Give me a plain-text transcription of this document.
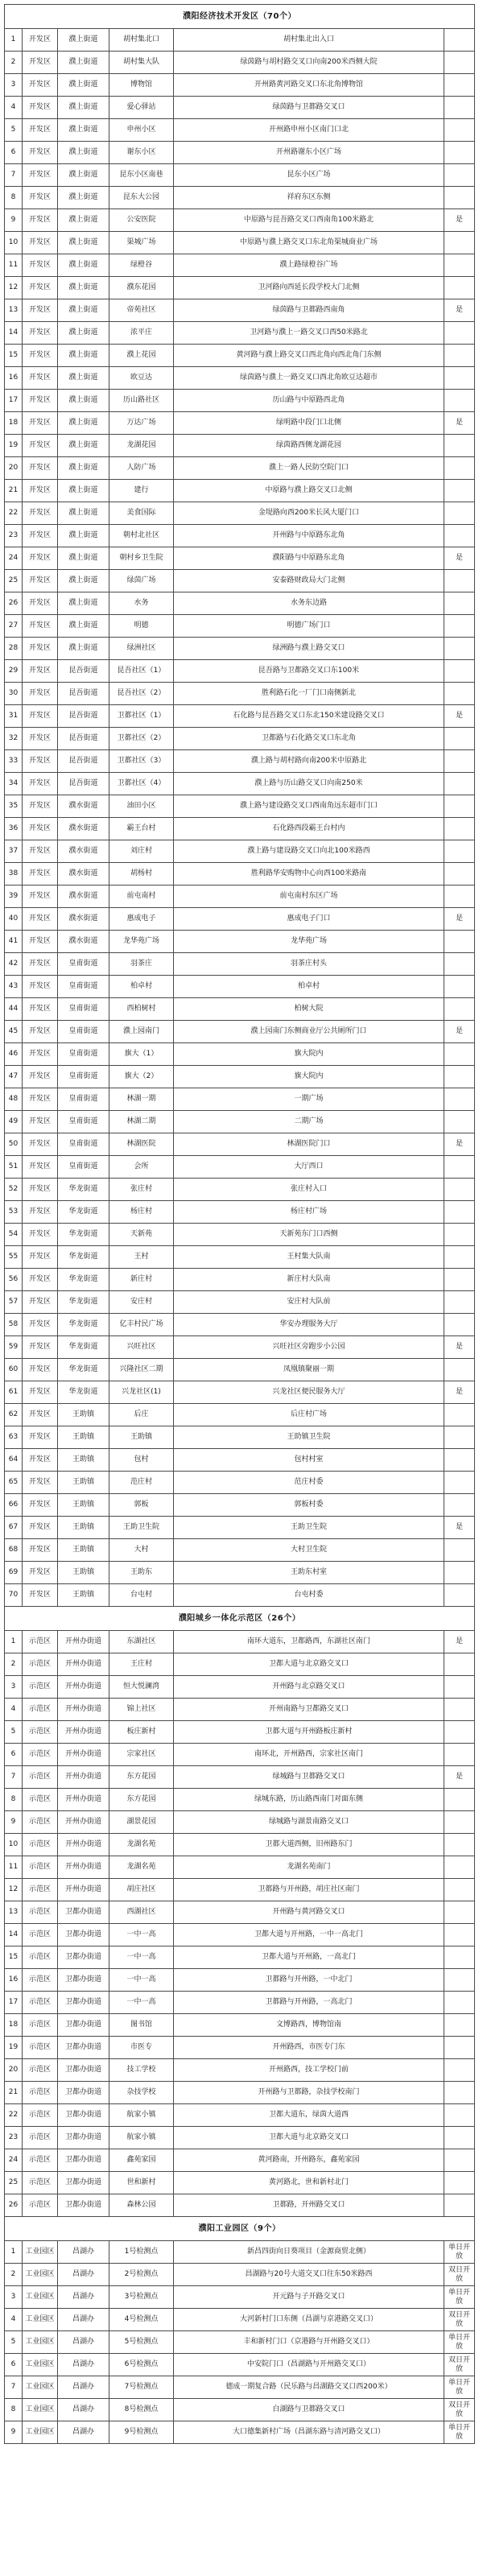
濮阳经济技术开发区（70个）					
1	开发区	濮上街道	胡村集北口	胡村集北出入口	
2	开发区	濮上街道	胡村集大队	绿茵路与胡村路交叉口向南200米西侧大院	
3	开发区	濮上街道	博物馆	开州路黄河路交叉口东北角博物馆	
4	开发区	濮上街道	爱心驿站	绿茵路与卫都路交叉口	
5	开发区	濮上街道	申州小区	开州路申州小区南门口北	
6	开发区	濮上街道	谢东小区	开州路谢东小区广场	
7	开发区	濮上街道	昆东小区南巷	昆东小区广场	
8	开发区	濮上街道	昆东大公园	祥府东区东侧	
9	开发区	濮上街道	公安医院	中原路与昆吾路交叉口西南角100米路北	是
10	开发区	濮上街道	渠城广场	中原路与濮上路交叉口东北角渠城商业广场	
11	开发区	濮上街道	绿橙谷	濮上路绿橙谷广场	
12	开发区	濮上街道	濮东花园	卫河路向西延长段学校大门北侧	
13	开发区	濮上街道	帝苑社区	绿茵路与卫都路西南角	是
14	开发区	濮上街道	浓平庄	卫河路与濮上一路交叉口西50米路北	
15	开发区	濮上街道	濮上花园	黄河路与濮上路交叉口西北角向西北角门东侧	
16	开发区	濮上街道	欧豆达	绿茵路与濮上一路交叉口西北角欧豆达超市	
17	开发区	濮上街道	历山路社区	历山路与中原路西北角	
18	开发区	濮上街道	万达广场	绿明路中段门口北侧	是
19	开发区	濮上街道	龙湖花园	绿茵路西侧龙湖花园	
20	开发区	濮上街道	人防广场	濮上一路人民防空院门口	
21	开发区	濮上街道	建行	中原路与濮上路交叉口北侧	
22	开发区	濮上街道	美食国际	金堤路向西200米长风大厦门口	
23	开发区	濮上街道	朝村北社区	开州路与中原路东北角	
24	开发区	濮上街道	朝村乡卫生院	濮阳路与中原路东北角	是
25	开发区	濮上街道	绿茵广场	安泰路财政局大门北侧	
26	开发区	濮上街道	水务	水务东边路	
27	开发区	濮上街道	明德	明德广场门口	
28	开发区	濮上街道	绿洲社区	绿洲路与濮上路交叉口	
29	开发区	昆吾街道	昆吾社区（1）	昆吾路与卫都路交叉口东100米	
30	开发区	昆吾街道	昆吾社区（2）	胜利路石化一厂门口南侧新北	
31	开发区	昆吾街道	卫都社区（1）	石化路与昆吾路交叉口东北150米建设路交叉口	是
32	开发区	昆吾街道	卫都社区（2）	卫都路与石化路交叉口东北角	
33	开发区	昆吾街道	卫都社区（3）	濮上路与胡村路向南200米中原路北	
34	开发区	昆吾街道	卫都社区（4）	濮上路与历山路交叉口向南250米	
35	开发区	濮水街道	油田小区	濮上路与建设路交叉口西南角远东超市门口	
36	开发区	濮水街道	霸王台村	石化路西段霸王台村内	
37	开发区	濮水街道	刘庄村	濮上路与建设路交叉口向北100米路西	
38	开发区	濮水街道	胡杨村	胜利路华安购物中心向西100米路南	
39	开发区	濮水街道	前屯南村	前屯南村东区广场	
40	开发区	濮水街道	惠成电子	惠成电子门口	是
41	开发区	濮水街道	龙华苑广场	龙华苑广场	
42	开发区	皇甫街道	羽茶庄	羽茶庄村头	
43	开发区	皇甫街道	柏卓村	柏卓村	
44	开发区	皇甫街道	西柏树村	柏树大院	
45	开发区	皇甫街道	濮上园南门	濮上园南门东侧商业厅公共厕所门口	是
46	开发区	皇甫街道	旗大（1）	旗大院内	
47	开发区	皇甫街道	旗大（2）	旗大院内	
48	开发区	皇甫街道	林湖一期	一期广场	
49	开发区	皇甫街道	林湖二期	二期广场	
50	开发区	皇甫街道	林湖医院	林湖医院门口	是
51	开发区	皇甫街道	会所	大厅西口	
52	开发区	华龙街道	张庄村	张庄村入口	
53	开发区	华龙街道	杨庄村	杨庄村广场	
54	开发区	华龙街道	天新苑	天新苑东门口西侧	
55	开发区	华龙街道	王村	王村集大队南	
56	开发区	华龙街道	新庄村	新庄村大队南	
57	开发区	华龙街道	安庄村	安庄村大队前	
58	开发区	华龙街道	亿丰村民广场	华安办理服务大厅	
59	开发区	华龙街道	兴旺社区	兴旺社区旁跑步小公园	是
60	开发区	华龙街道	兴隆社区二期	凤凰镇聚丽一期	
61	开发区	华龙街道	兴龙社区(1)	兴龙社区便民服务大厅	是
62	开发区	王助镇	后庄	后庄村广场	
63	开发区	王助镇	王助镇	王助镇卫生院	
64	开发区	王助镇	包村	包村村室	
65	开发区	王助镇	范庄村	范庄村委	
66	开发区	王助镇	郭板	郭板村委	
67	开发区	王助镇	王助卫生院	王助卫生院	是
68	开发区	王助镇	大村	大村卫生院	
69	开发区	王助镇	王助东	王助东村室	
70	开发区	王助镇	台屯村	台屯村委	
濮阳城乡一体化示范区（26个）					
1	示范区	开州办街道	东湖社区	南环大道东，卫都路西，东湖社区南门	是
2	示范区	开州办街道	王庄村	卫都大道与北京路交叉口	
3	示范区	开州办街道	恒大悦澜湾	开州路与北京路交叉口	
4	示范区	开州办街道	锦上社区	开州南路与卫都路交叉口	
5	示范区	开州办街道	板庄新村	卫都大道与开州路板庄新村	
6	示范区	开州办街道	宗家社区	南环北，开州路西，宗家社区南门	
7	示范区	开州办街道	东方花园	绿城路与卫都路交叉口	是
8	示范区	开州办街道	东方花园	绿城东路，历山路西南门对面东侧	
9	示范区	开州办街道	湖景花园	绿城路与湖景南路交叉口	
10	示范区	开州办街道	龙湖名苑	卫都大道西侧，旧州路东门	
11	示范区	开州办街道	龙湖名苑	龙湖名苑南门	
12	示范区	开州办街道	胡庄社区	卫都路与开州路，胡庄社区南门	
13	示范区	卫都办街道	西湖社区	开州路与黄河路交叉口	
14	示范区	卫都办街道	一中一高	卫都大道与开州路，一中一高北门	
15	示范区	卫都办街道	一中一高	卫都大道与开州路，一高北门	
16	示范区	卫都办街道	一中一高	卫都路与开州路，一中北门	
17	示范区	卫都办街道	一中一高	卫都路与开州路，一高北门	
18	示范区	卫都办街道	图书馆	文博路西，博物馆南	
19	示范区	卫都办街道	市医专	开州路西，市医专门东	
20	示范区	卫都办街道	技工学校	开州路西，技工学校门前	
21	示范区	卫都办街道	杂技学校	开州路与卫都路，杂技学校南门	
22	示范区	卫都办街道	航家小镇	卫都大道东，绿茵大道西	
23	示范区	卫都办街道	航家小镇	卫都大道与北京路交叉口	
24	示范区	卫都办街道	鑫苑家园	黄河路南，开州路东，鑫苑家园	
25	示范区	卫都办街道	世和新村	黄河路北，世和新村北门	
26	示范区	卫都办街道	森林公园	卫都路，开州路交叉口	
濮阳工业园区（9个）					
1	工业园区	昌湖办	1号检测点	新昌四街向日葵项目（金源商贸北侧）	单日开放
2	工业园区	昌湖办	2号检测点	昌湖路与20号大道交叉口往东50米路西	双日开放
3	工业园区	昌湖办	3号检测点	开元路与子开路交叉口	单日开放
4	工业园区	昌湖办	4号检测点	大河新村门口东侧（昌湖与京港路交叉口）	双日开放
5	工业园区	昌湖办	5号检测点	丰和新村门口（京港路与开州路交叉口）	单日开放
6	工业园区	昌湖办	6号检测点	中安院门口（昌湖路与开州路交叉口）	双日开放
7	工业园区	昌湖办	7号检测点	德成一期复合路（民乐路与昌湖路交叉口西200米）	单日开放
8	工业园区	昌湖办	8号检测点	白湖路与卫都路交叉口	双日开放
9	工业园区	昌湖办	9号检测点	大口德集新村广场（昌湖东路与清河路交叉口）	单日开放
